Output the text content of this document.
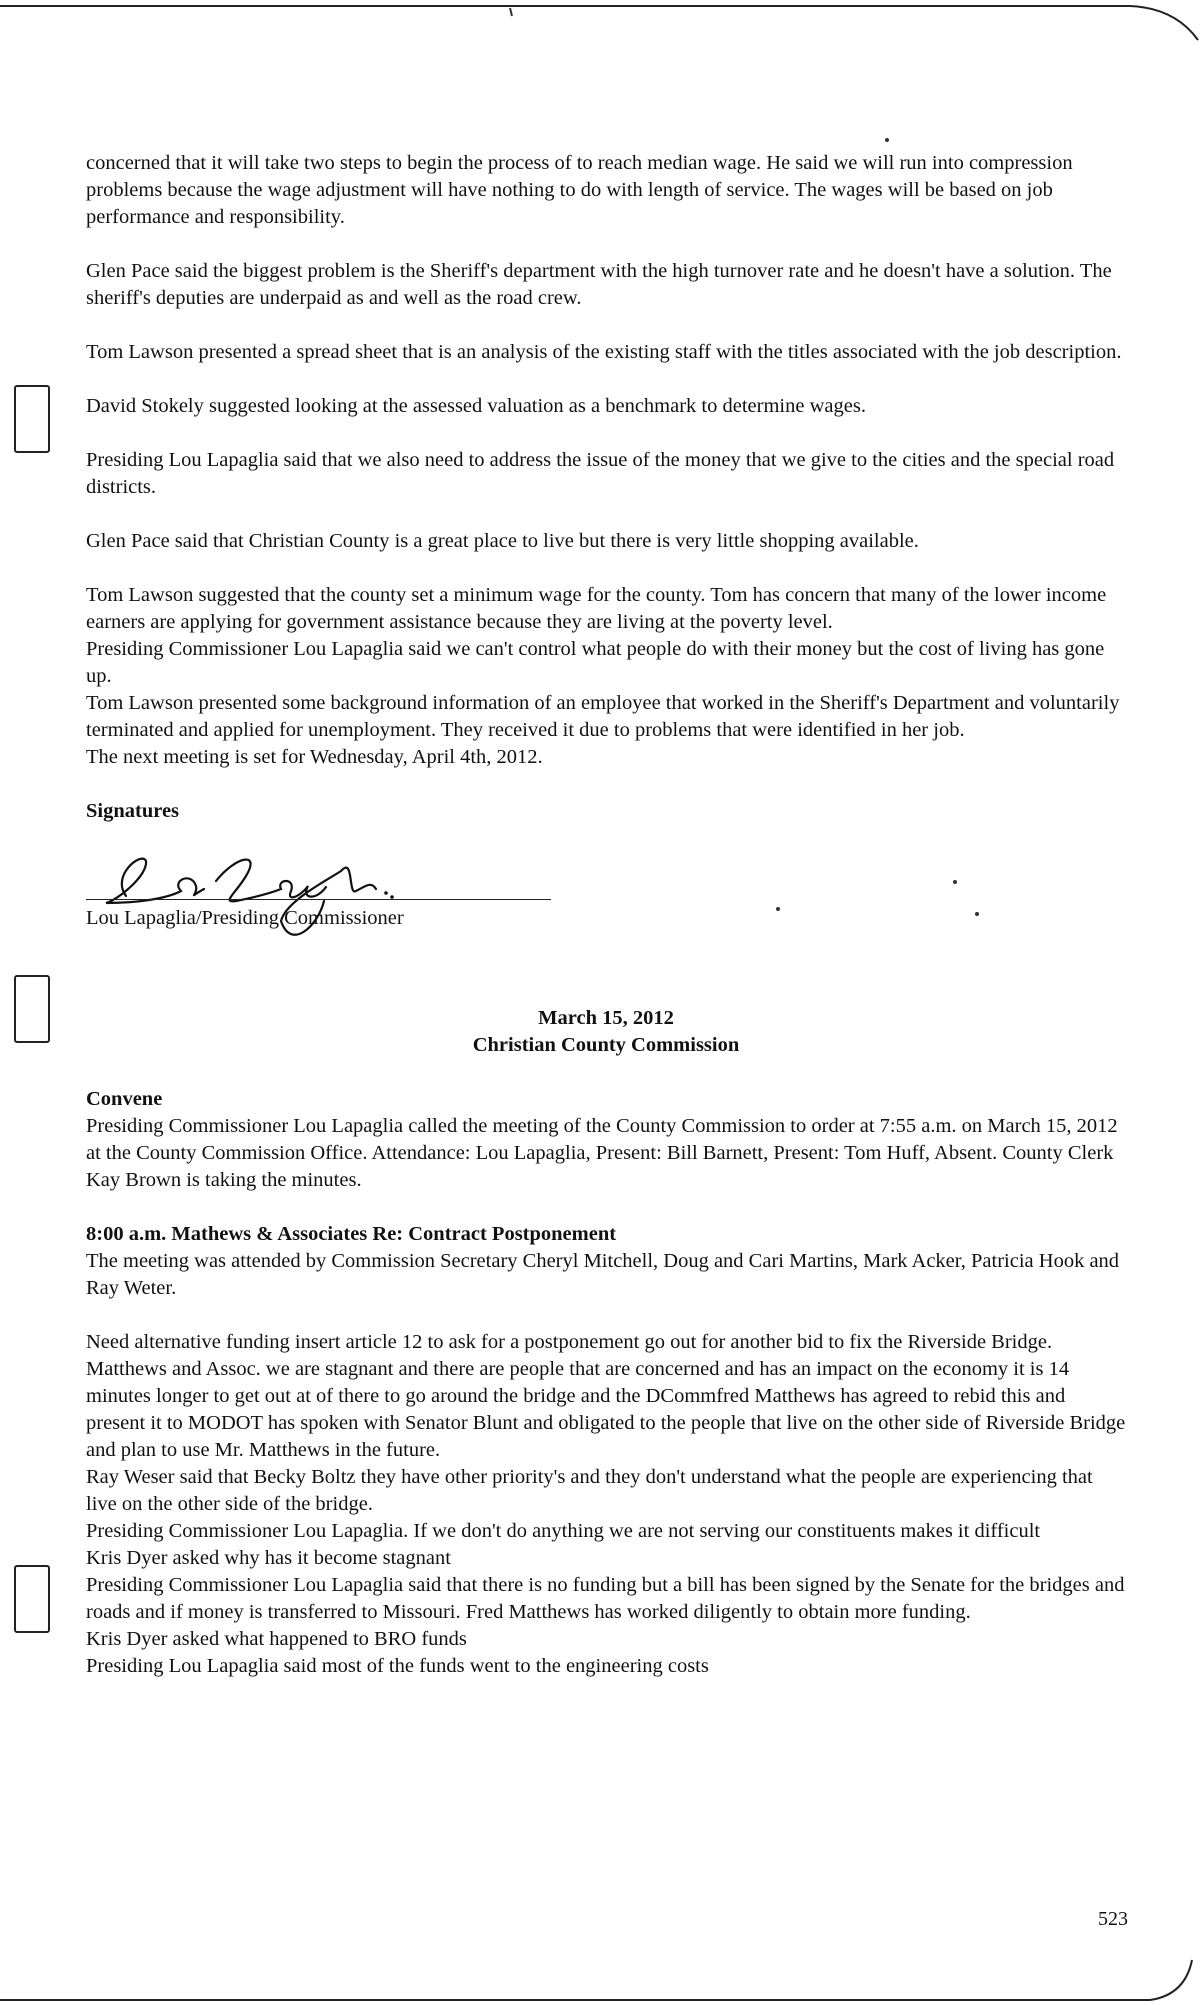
concerned that it will take two steps to begin the process of to reach median wage. He said we will run into compression problems because the wage adjustment will have nothing to do with length of service. The wages will be based on job performance and responsibility.

Glen Pace said the biggest problem is the Sheriff's department with the high turnover rate and he doesn't have a solution. The sheriff's deputies are underpaid as and well as the road crew.

Tom Lawson presented a spread sheet that is an analysis of the existing staff with the titles associated with the job description.

David Stokely suggested looking at the assessed valuation as a benchmark to determine wages.

Presiding Lou Lapaglia said that we also need to address the issue of the money that we give to the cities and the special road districts.

Glen Pace said that Christian County is a great place to live but there is very little shopping available.

Tom Lawson suggested that the county set a minimum wage for the county. Tom has concern that many of the lower income earners are applying for government assistance because they are living at the poverty level.

Presiding Commissioner Lou Lapaglia said we can't control what people do with their money but the cost of living has gone up.

Tom Lawson presented some background information of an employee that worked in the Sheriff's Department and voluntarily terminated and applied for unemployment. They received it due to problems that were identified in her job.

The next meeting is set for Wednesday, April 4th, 2012.

Signatures

Lou Lapaglia/Presiding Commissioner

March 15, 2012

Christian County Commission

Convene

Presiding Commissioner Lou Lapaglia called the meeting of the County Commission to order at 7:55 a.m. on March 15, 2012 at the County Commission Office. Attendance: Lou Lapaglia, Present: Bill Barnett, Present: Tom Huff, Absent. County Clerk Kay Brown is taking the minutes.

8:00 a.m. Mathews & Associates Re: Contract Postponement

The meeting was attended by Commission Secretary Cheryl Mitchell, Doug and Cari Martins, Mark Acker, Patricia Hook and Ray Weter.

Need alternative funding insert article 12 to ask for a postponement go out for another bid to fix the Riverside Bridge. Matthews and Assoc. we are stagnant and there are people that are concerned and has an impact on the economy it is 14 minutes longer to get out at of there to go around the bridge and the DCommfred Matthews has agreed to rebid this and present it to MODOT has spoken with Senator Blunt and obligated to the people that live on the other side of Riverside Bridge and plan to use Mr. Matthews in the future.

Ray Weser said that Becky Boltz they have other priority's and they don't understand what the people are experiencing that live on the other side of the bridge.

Presiding Commissioner Lou Lapaglia. If we don't do anything we are not serving our constituents makes it difficult

Kris Dyer asked why has it become stagnant

Presiding Commissioner Lou Lapaglia said that there is no funding but a bill has been signed by the Senate for the bridges and roads and if money is transferred to Missouri. Fred Matthews has worked diligently to obtain more funding.

Kris Dyer asked what happened to BRO funds

Presiding Lou Lapaglia said most of the funds went to the engineering costs

523
